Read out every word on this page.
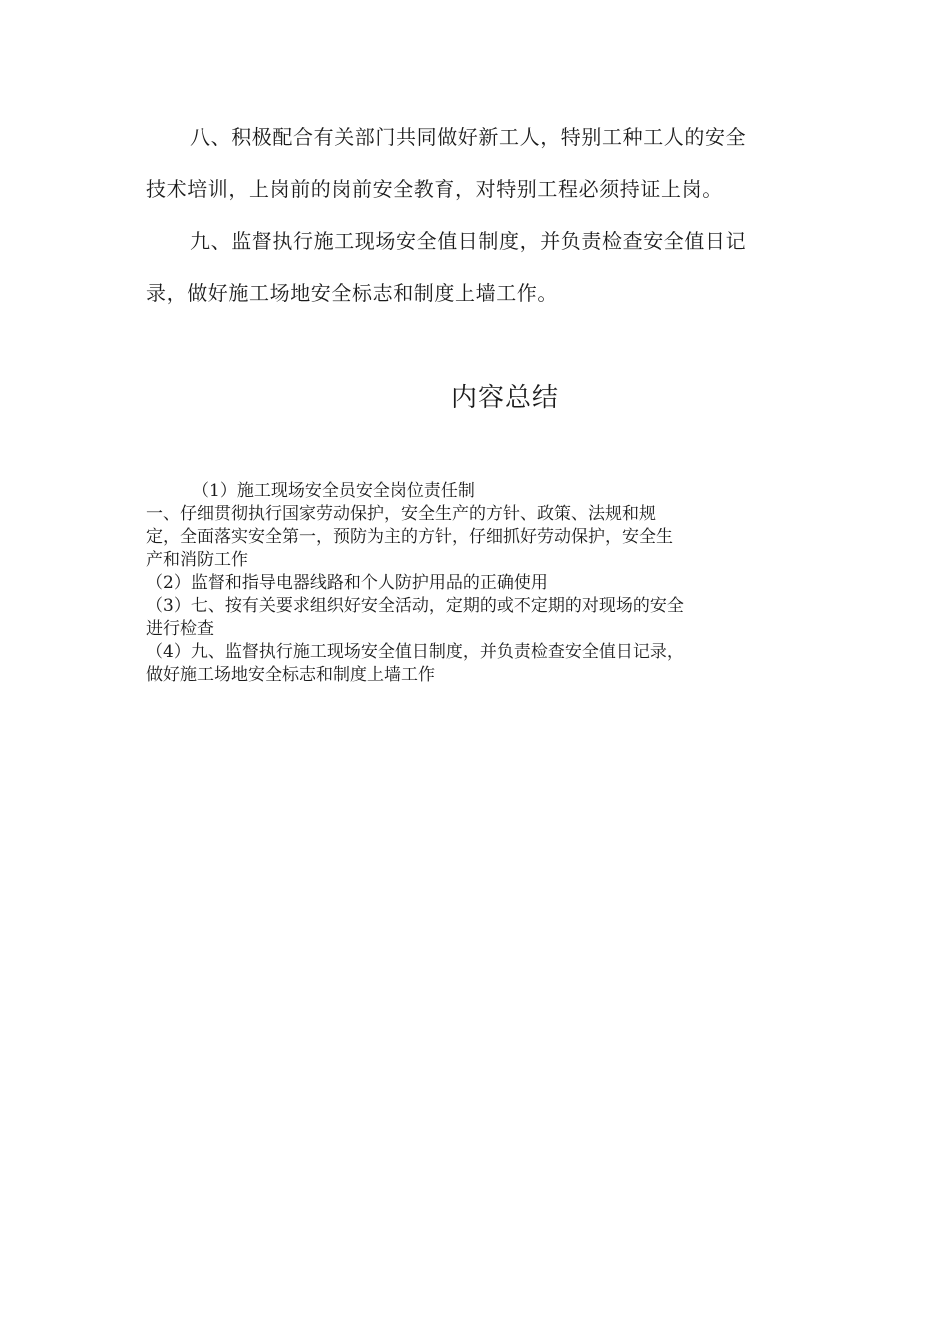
八、积极配合有关部门共同做好新工人，特别工种工人的安全
技术培训，上岗前的岗前安全教育，对特别工程必须持证上岗。
九、监督执行施工现场安全值日制度，并负责检查安全值日记
录，做好施工场地安全标志和制度上墙工作。
内容总结
（1）施工现场安全员安全岗位责任制
一、仔细贯彻执行国家劳动保护，安全生产的方针、政策、法规和规
定，全面落实安全第一，预防为主的方针，仔细抓好劳动保护，安全生
产和消防工作
（2）监督和指导电器线路和个人防护用品的正确使用
（3）七、按有关要求组织好安全活动，定期的或不定期的对现场的安全
进行检查
（4）九、监督执行施工现场安全值日制度，并负责检查安全值日记录，
做好施工场地安全标志和制度上墙工作
